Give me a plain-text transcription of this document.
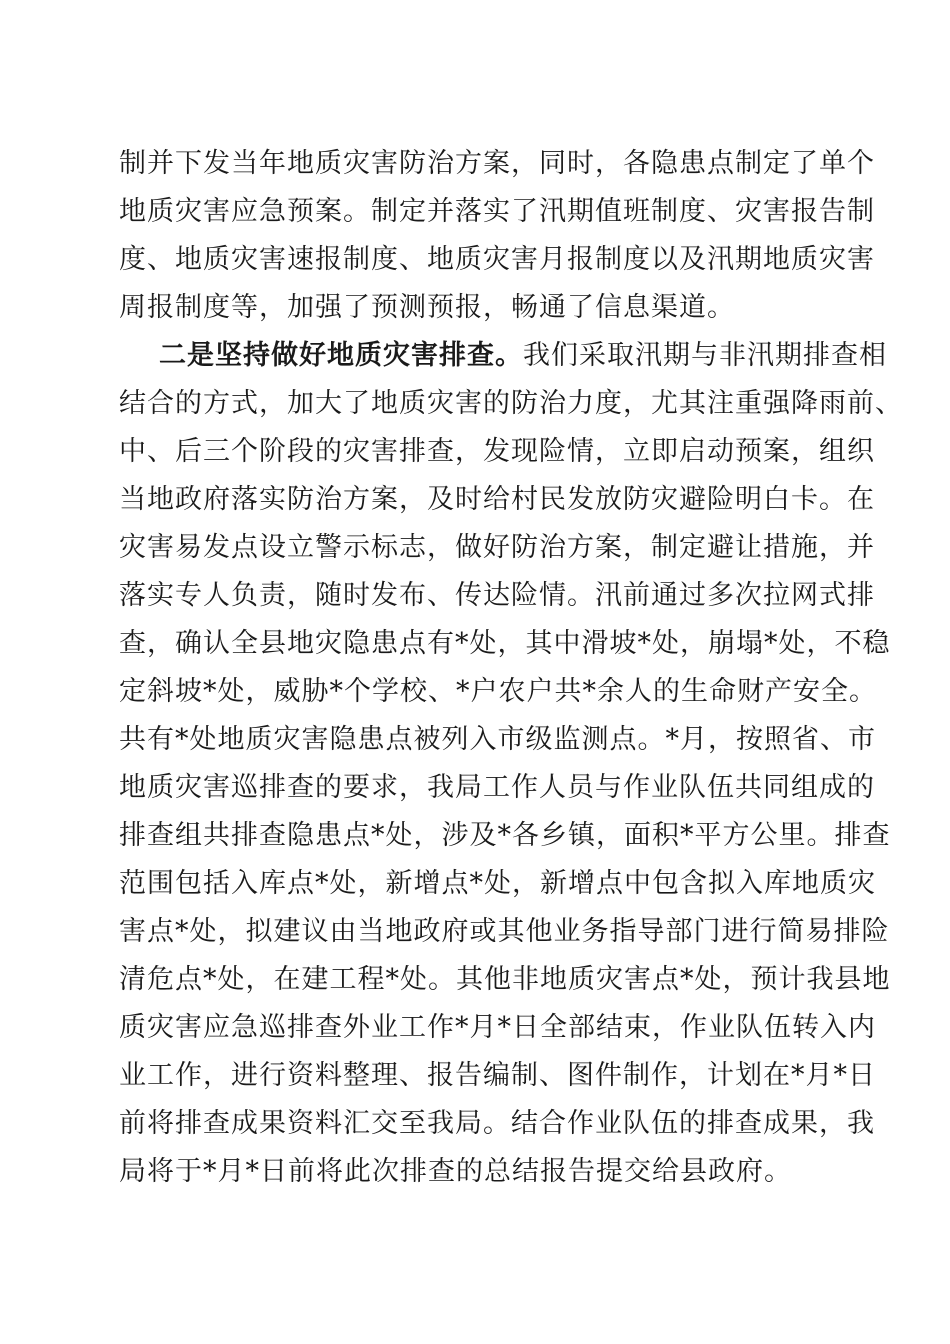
制并下发当年地质灾害防治方案，同时，各隐患点制定了单个
地质灾害应急预案。制定并落实了汛期值班制度、灾害报告制
度、地质灾害速报制度、地质灾害月报制度以及汛期地质灾害
周报制度等，加强了预测预报，畅通了信息渠道。
二是坚持做好地质灾害排查。我们采取汛期与非汛期排查相
结合的方式，加大了地质灾害的防治力度，尤其注重强降雨前、
中、后三个阶段的灾害排查，发现险情，立即启动预案，组织
当地政府落实防治方案，及时给村民发放防灾避险明白卡。在
灾害易发点设立警示标志，做好防治方案，制定避让措施，并
落实专人负责，随时发布、传达险情。汛前通过多次拉网式排
查，确认全县地灾隐患点有*处，其中滑坡*处，崩塌*处，不稳
定斜坡*处，威胁*个学校、*户农户共*余人的生命财产安全。
共有*处地质灾害隐患点被列入市级监测点。*月，按照省、市
地质灾害巡排查的要求，我局工作人员与作业队伍共同组成的
排查组共排查隐患点*处，涉及*各乡镇，面积*平方公里。排查
范围包括入库点*处，新增点*处，新增点中包含拟入库地质灾
害点*处，拟建议由当地政府或其他业务指导部门进行简易排险
清危点*处，在建工程*处。其他非地质灾害点*处，预计我县地
质灾害应急巡排查外业工作*月*日全部结束，作业队伍转入内
业工作，进行资料整理、报告编制、图件制作，计划在*月*日
前将排查成果资料汇交至我局。结合作业队伍的排查成果，我
局将于*月*日前将此次排查的总结报告提交给县政府。
